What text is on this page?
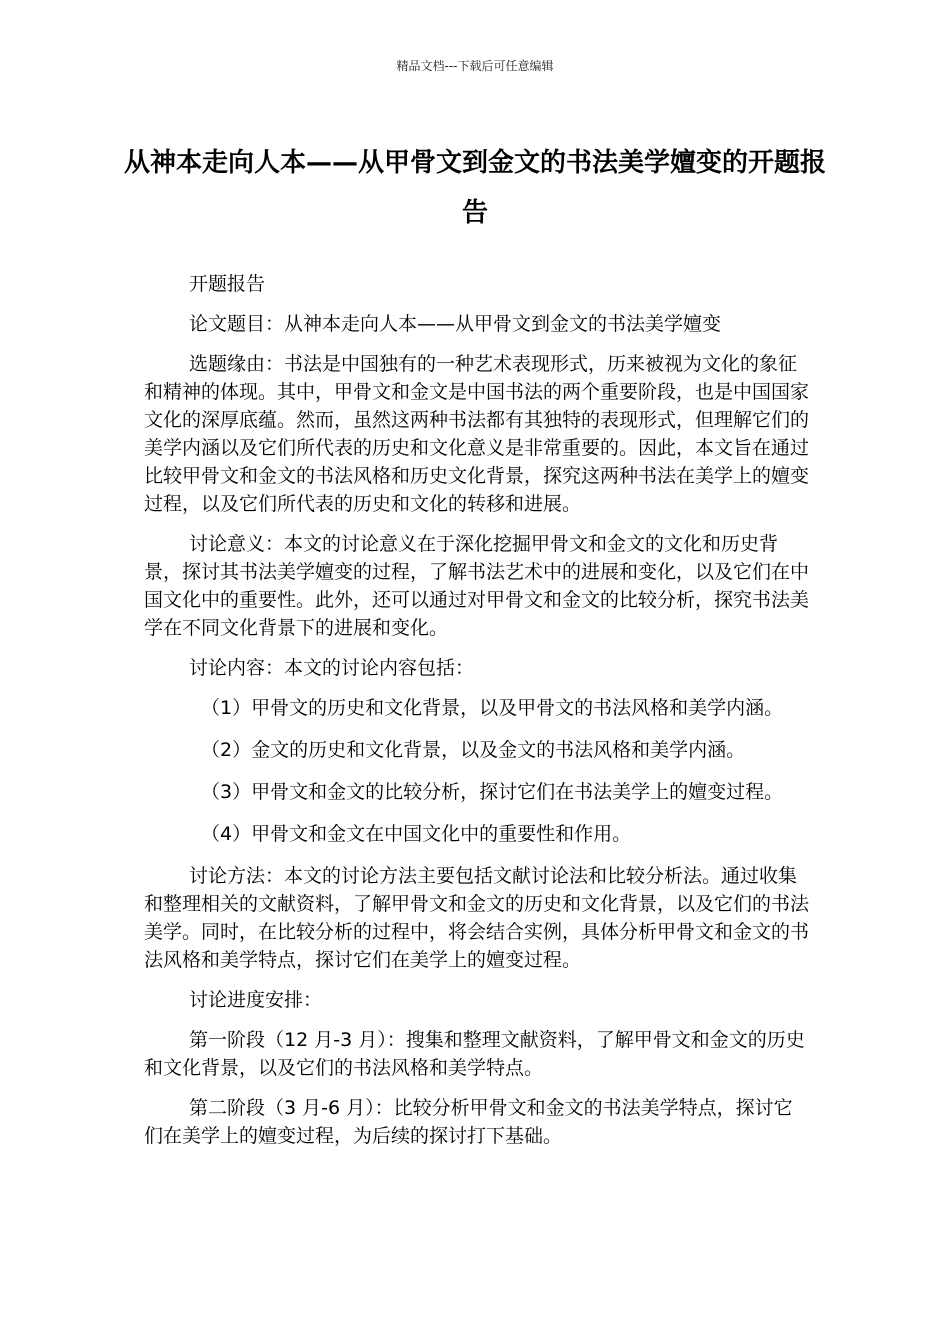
精品文档---下载后可任意编辑
从神本走向人本——从甲骨文到金文的书法美学嬗变的开题报告

开题报告

论文题目：从神本走向人本——从甲骨文到金文的书法美学嬗变

选题缘由：书法是中国独有的一种艺术表现形式，历来被视为文化的象征和精神的体现。其中，甲骨文和金文是中国书法的两个重要阶段，也是中国国家文化的深厚底蕴。然而，虽然这两种书法都有其独特的表现形式，但理解它们的美学内涵以及它们所代表的历史和文化意义是非常重要的。因此，本文旨在通过比较甲骨文和金文的书法风格和历史文化背景，探究这两种书法在美学上的嬗变过程，以及它们所代表的历史和文化的转移和进展。

讨论意义：本文的讨论意义在于深化挖掘甲骨文和金文的文化和历史背景，探讨其书法美学嬗变的过程，了解书法艺术中的进展和变化，以及它们在中国文化中的重要性。此外，还可以通过对甲骨文和金文的比较分析，探究书法美学在不同文化背景下的进展和变化。

讨论内容：本文的讨论内容包括：

（1）甲骨文的历史和文化背景，以及甲骨文的书法风格和美学内涵。

（2）金文的历史和文化背景，以及金文的书法风格和美学内涵。

（3）甲骨文和金文的比较分析，探讨它们在书法美学上的嬗变过程。

（4）甲骨文和金文在中国文化中的重要性和作用。

讨论方法：本文的讨论方法主要包括文献讨论法和比较分析法。通过收集和整理相关的文献资料，了解甲骨文和金文的历史和文化背景，以及它们的书法美学。同时，在比较分析的过程中，将会结合实例，具体分析甲骨文和金文的书法风格和美学特点，探讨它们在美学上的嬗变过程。

讨论进度安排：

第一阶段（12 月-3 月）：搜集和整理文献资料，了解甲骨文和金文的历史和文化背景，以及它们的书法风格和美学特点。

第二阶段（3 月-6 月）：比较分析甲骨文和金文的书法美学特点，探讨它们在美学上的嬗变过程，为后续的探讨打下基础。
